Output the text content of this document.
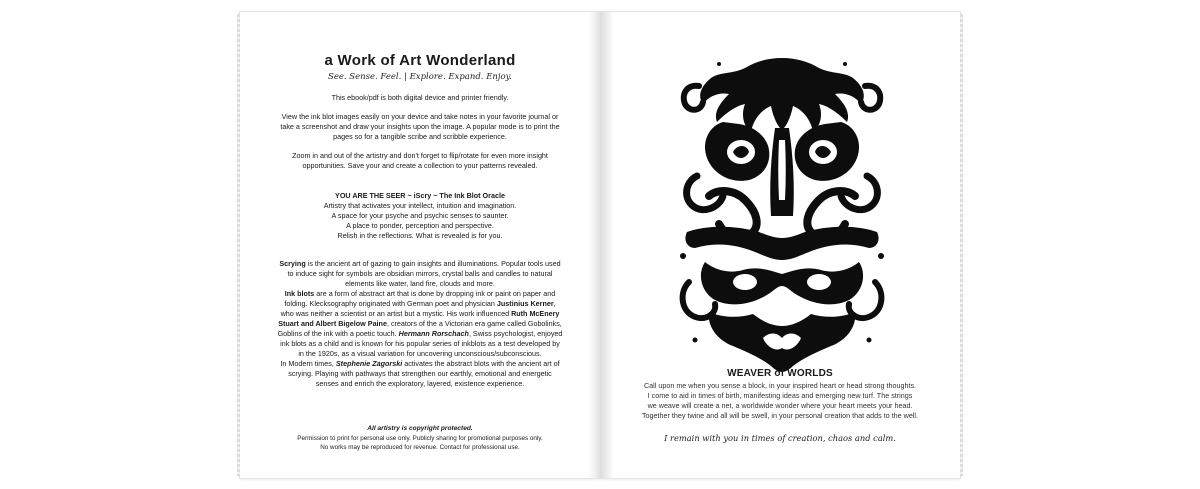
a Work of Art Wonderland
See. Sense. Feel. | Explore. Expand. Enjoy.

This ebook/pdf is both digital device and printer friendly.

View the ink blot images easily on your device and take notes in your favorite journal or

take a screenshot and draw your insights upon the image. A popular mode is to print the

pages so for a tangible scribe and scribble experience.

Zoom in and out of the artistry and don't forget to flip/rotate for even more insight

opportunities. Save your and create a collection to your patterns revealed.

YOU ARE THE SEER ~ iScry ~ The Ink Blot Oracle

Artistry that activates your intellect, intuition and imagination.

A space for your psyche and psychic senses to saunter.

A place to ponder, perception and perspective.

Relish in the reflections. What is revealed is for you.

Scrying is the ancient art of gazing to gain insights and illuminations. Popular tools used

to induce sight for symbols are obsidian mirrors, crystal balls and candles to natural

elements like water, land fire, clouds and more.

Ink blots are a form of abstract art that is done by dropping ink or paint on paper and

folding. Klecksography originated with German poet and physician Justinius Kerner,

who was neither a scientist or an artist but a mystic. His work influenced Ruth McEnery

Stuart and Albert Bigelow Paine, creators of the a Victorian era game called Gobolinks,

Goblins of the ink with a poetic touch. Hermann Rorschach, Swiss psychologist, enjoyed

ink blots as a child and is known for his popular series of inkblots as a test developed by

in the 1920s, as a visual variation for uncovering unconscious/subconscious.

In Modern times, Stephenie Zagorski activates the abstract blots with the ancient art of

scrying. Playing with pathways that strengthen our earthly, emotional and energetic

senses and enrich the exploratory, layered, existence experience.

All artistry is copyright protected.

Permission to print for personal use only. Publicly sharing for promotional purposes only.

No works may be reproduced for revenue. Contact for professional use.

WEAVER of WORLDS

Call upon me when you sense a block, in your inspired heart or head strong thoughts.

I come to aid in times of birth, manifesting ideas and emerging new turf. The strings

we weave will create a net, a worldwide wonder where your heart meets your head.

Together they twine and all will be swell, in your personal creation that adds to the well.

I remain with you in times of creation, chaos and calm.
